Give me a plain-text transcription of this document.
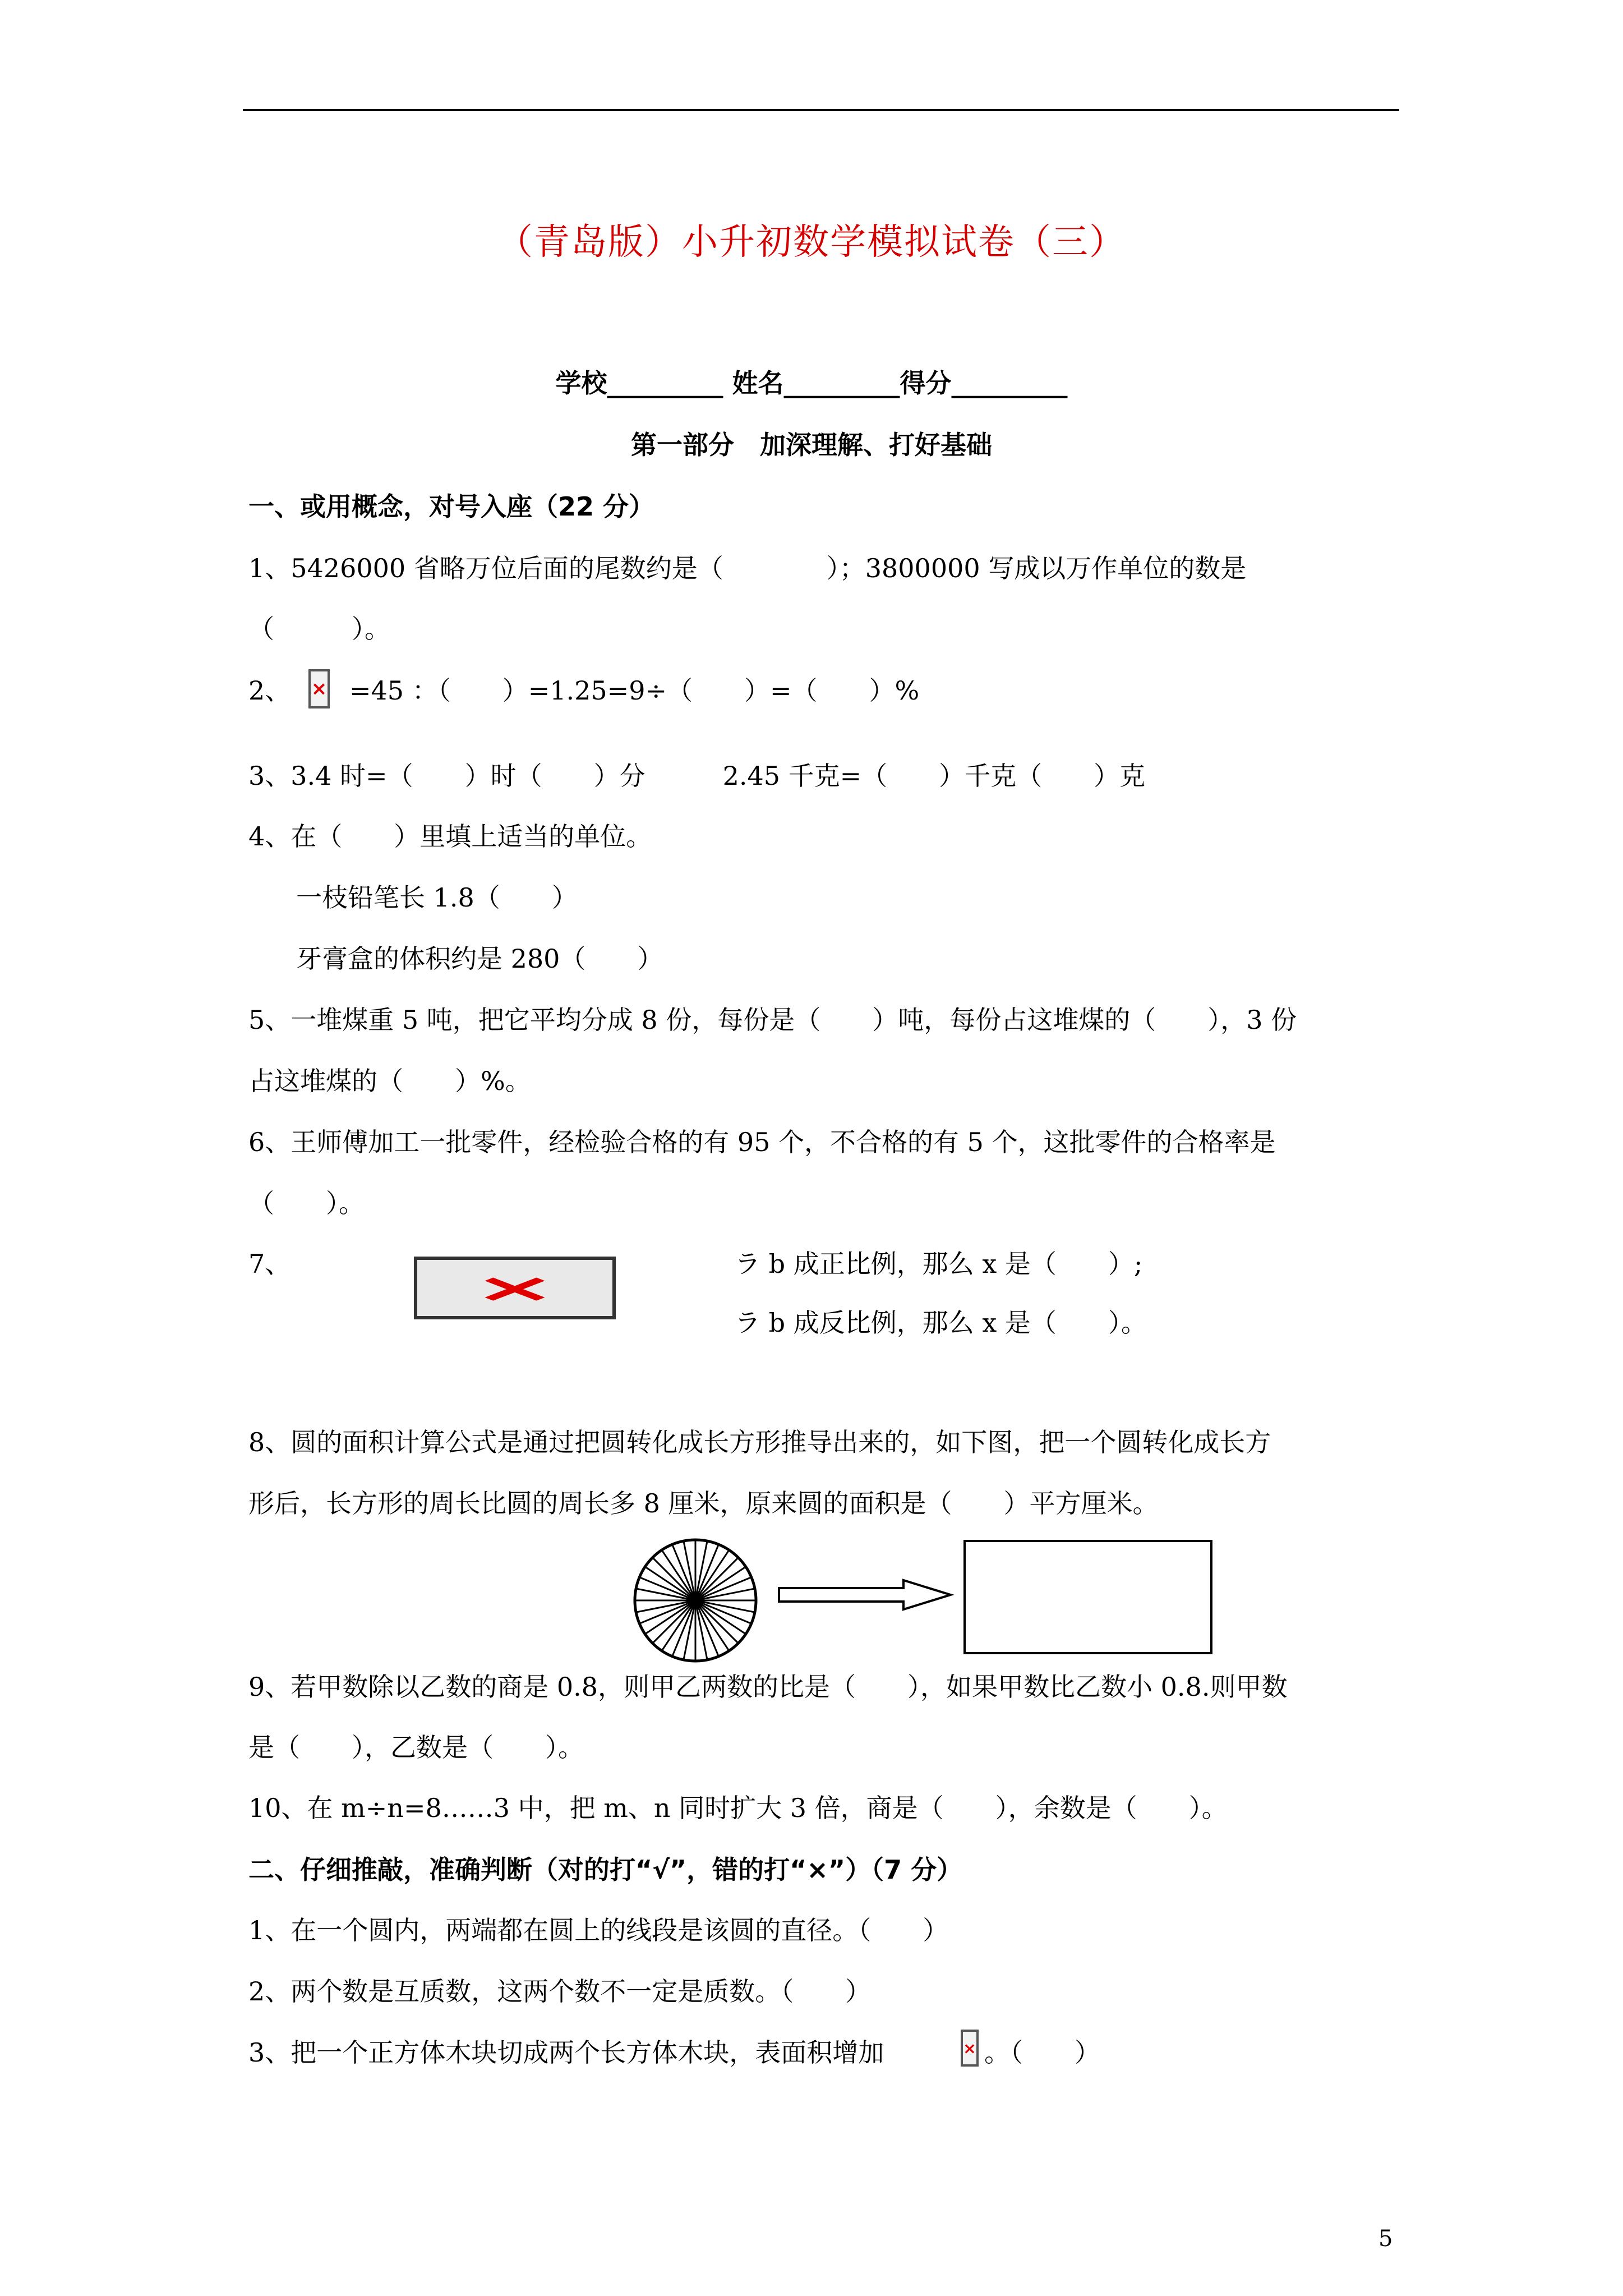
（青岛版）小升初数学模拟试卷（三）
学校_________ 姓名_________得分_________
第一部分　加深理解、打好基础
一、或用概念，对号入座（22 分）
1、5426000 省略万位后面的尾数约是（　　　　）；3800000 写成以万作单位的数是
（　　　）。
2、 × =45 ：（　　）=1.25=9÷（　　）=（　　）%
3、3.4 时=（　　）时（　　）分　　　2.45 千克=（　　）千克（　　）克
4、在（　　）里填上适当的单位。
一枝铅笔长 1.8（　　）
牙膏盒的体积约是 280（　　）
5、一堆煤重 5 吨，把它平均分成 8 份，每份是（　　）吨，每份占这堆煤的（　　），3 份
占这堆煤的（　　）%。
6、王师傅加工一批零件，经检验合格的有 95 个，不合格的有 5 个，这批零件的合格率是
（　　）。
7、
×
ラ b 成正比例，那么 x 是（　　）;
ラ b 成反比例，那么 x 是（　　）。
8、圆的面积计算公式是通过把圆转化成长方形推导出来的，如下图，把一个圆转化成长方
形后，长方形的周长比圆的周长多 8 厘米，原来圆的面积是（　　）平方厘米。
9、若甲数除以乙数的商是 0.8，则甲乙两数的比是（　　），如果甲数比乙数小 0.8.则甲数
是（　　），乙数是（　　）。
10、在 m÷n=8……3 中，把 m、n 同时扩大 3 倍，商是（　　），余数是（　　）。
二、仔细推敲，准确判断（对的打“√”，错的打“×”）（7 分）
1、在一个圆内，两端都在圆上的线段是该圆的直径。（　　）
2、两个数是互质数，这两个数不一定是质数。（　　）
3、把一个正方体木块切成两个长方体木块，表面积增加	× 。（　　）
5
